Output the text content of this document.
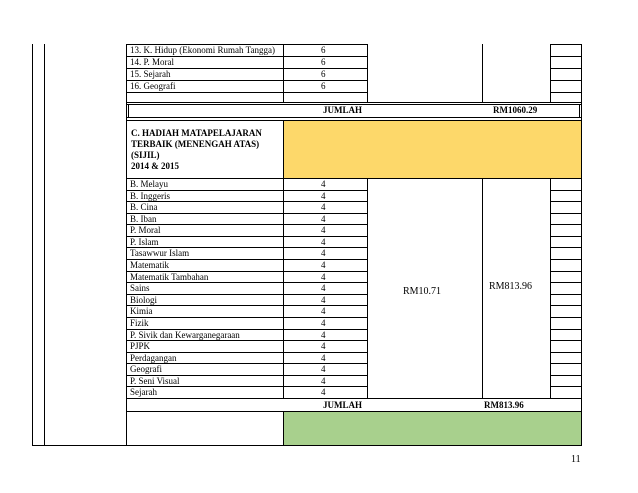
13. K. Hidup (Ekonomi Rumah Tangga)	6
14. P. Moral	6
15. Sejarah	6
16. Geografi	6
JUMLAH	RM1060.29
C. HADIAH MATAPELAJARAN
TERBAIK (MENENGAH ATAS)
(SIJIL)
2014 & 2015
B. Melayu	4
B. Inggeris	4
B. Cina	4
B. Iban	4
P. Moral	4
P. Islam	4
Tasawwur Islam	4
Matematik	4
Matematik Tambahan	4
Sains	4
Biologi	4
Kimia	4
Fizik	4
P. Sivik dan Kewarganegaraan	4
PJPK	4
Perdagangan	4
Geografi	4
P. Seni Visual	4
Sejarah	4
RM10.71	RM813.96
JUMLAH	RM813.96
11
